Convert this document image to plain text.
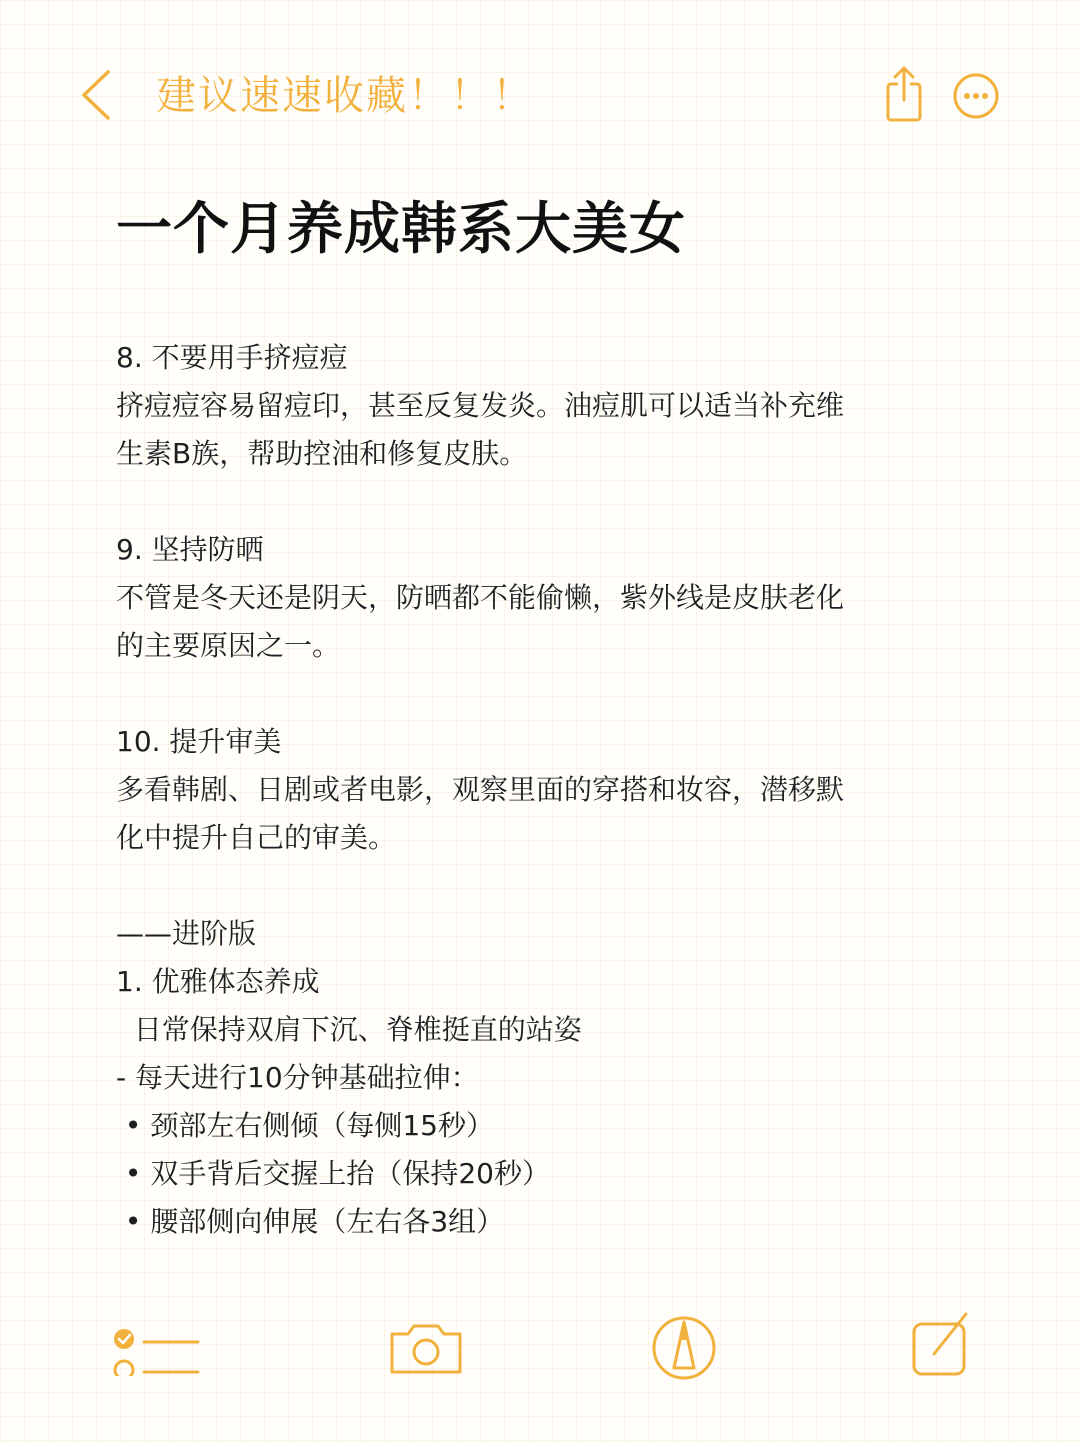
建议速速收藏！！！
一个月养成韩系大美女
8. 不要用手挤痘痘
挤痘痘容易留痘印，甚至反复发炎。油痘肌可以适当补充维
生素B族，帮助控油和修复皮肤。
9. 坚持防晒
不管是冬天还是阴天，防晒都不能偷懒，紫外线是皮肤老化
的主要原因之一。
10. 提升审美
多看韩剧、日剧或者电影，观察里面的穿搭和妆容，潜移默
化中提升自己的审美。
——进阶版
1. 优雅体态养成
日常保持双肩下沉、脊椎挺直的站姿
- 每天进行10分钟基础拉伸：
• 颈部左右侧倾（每侧15秒）
• 双手背后交握上抬（保持20秒）
• 腰部侧向伸展（左右各3组）
